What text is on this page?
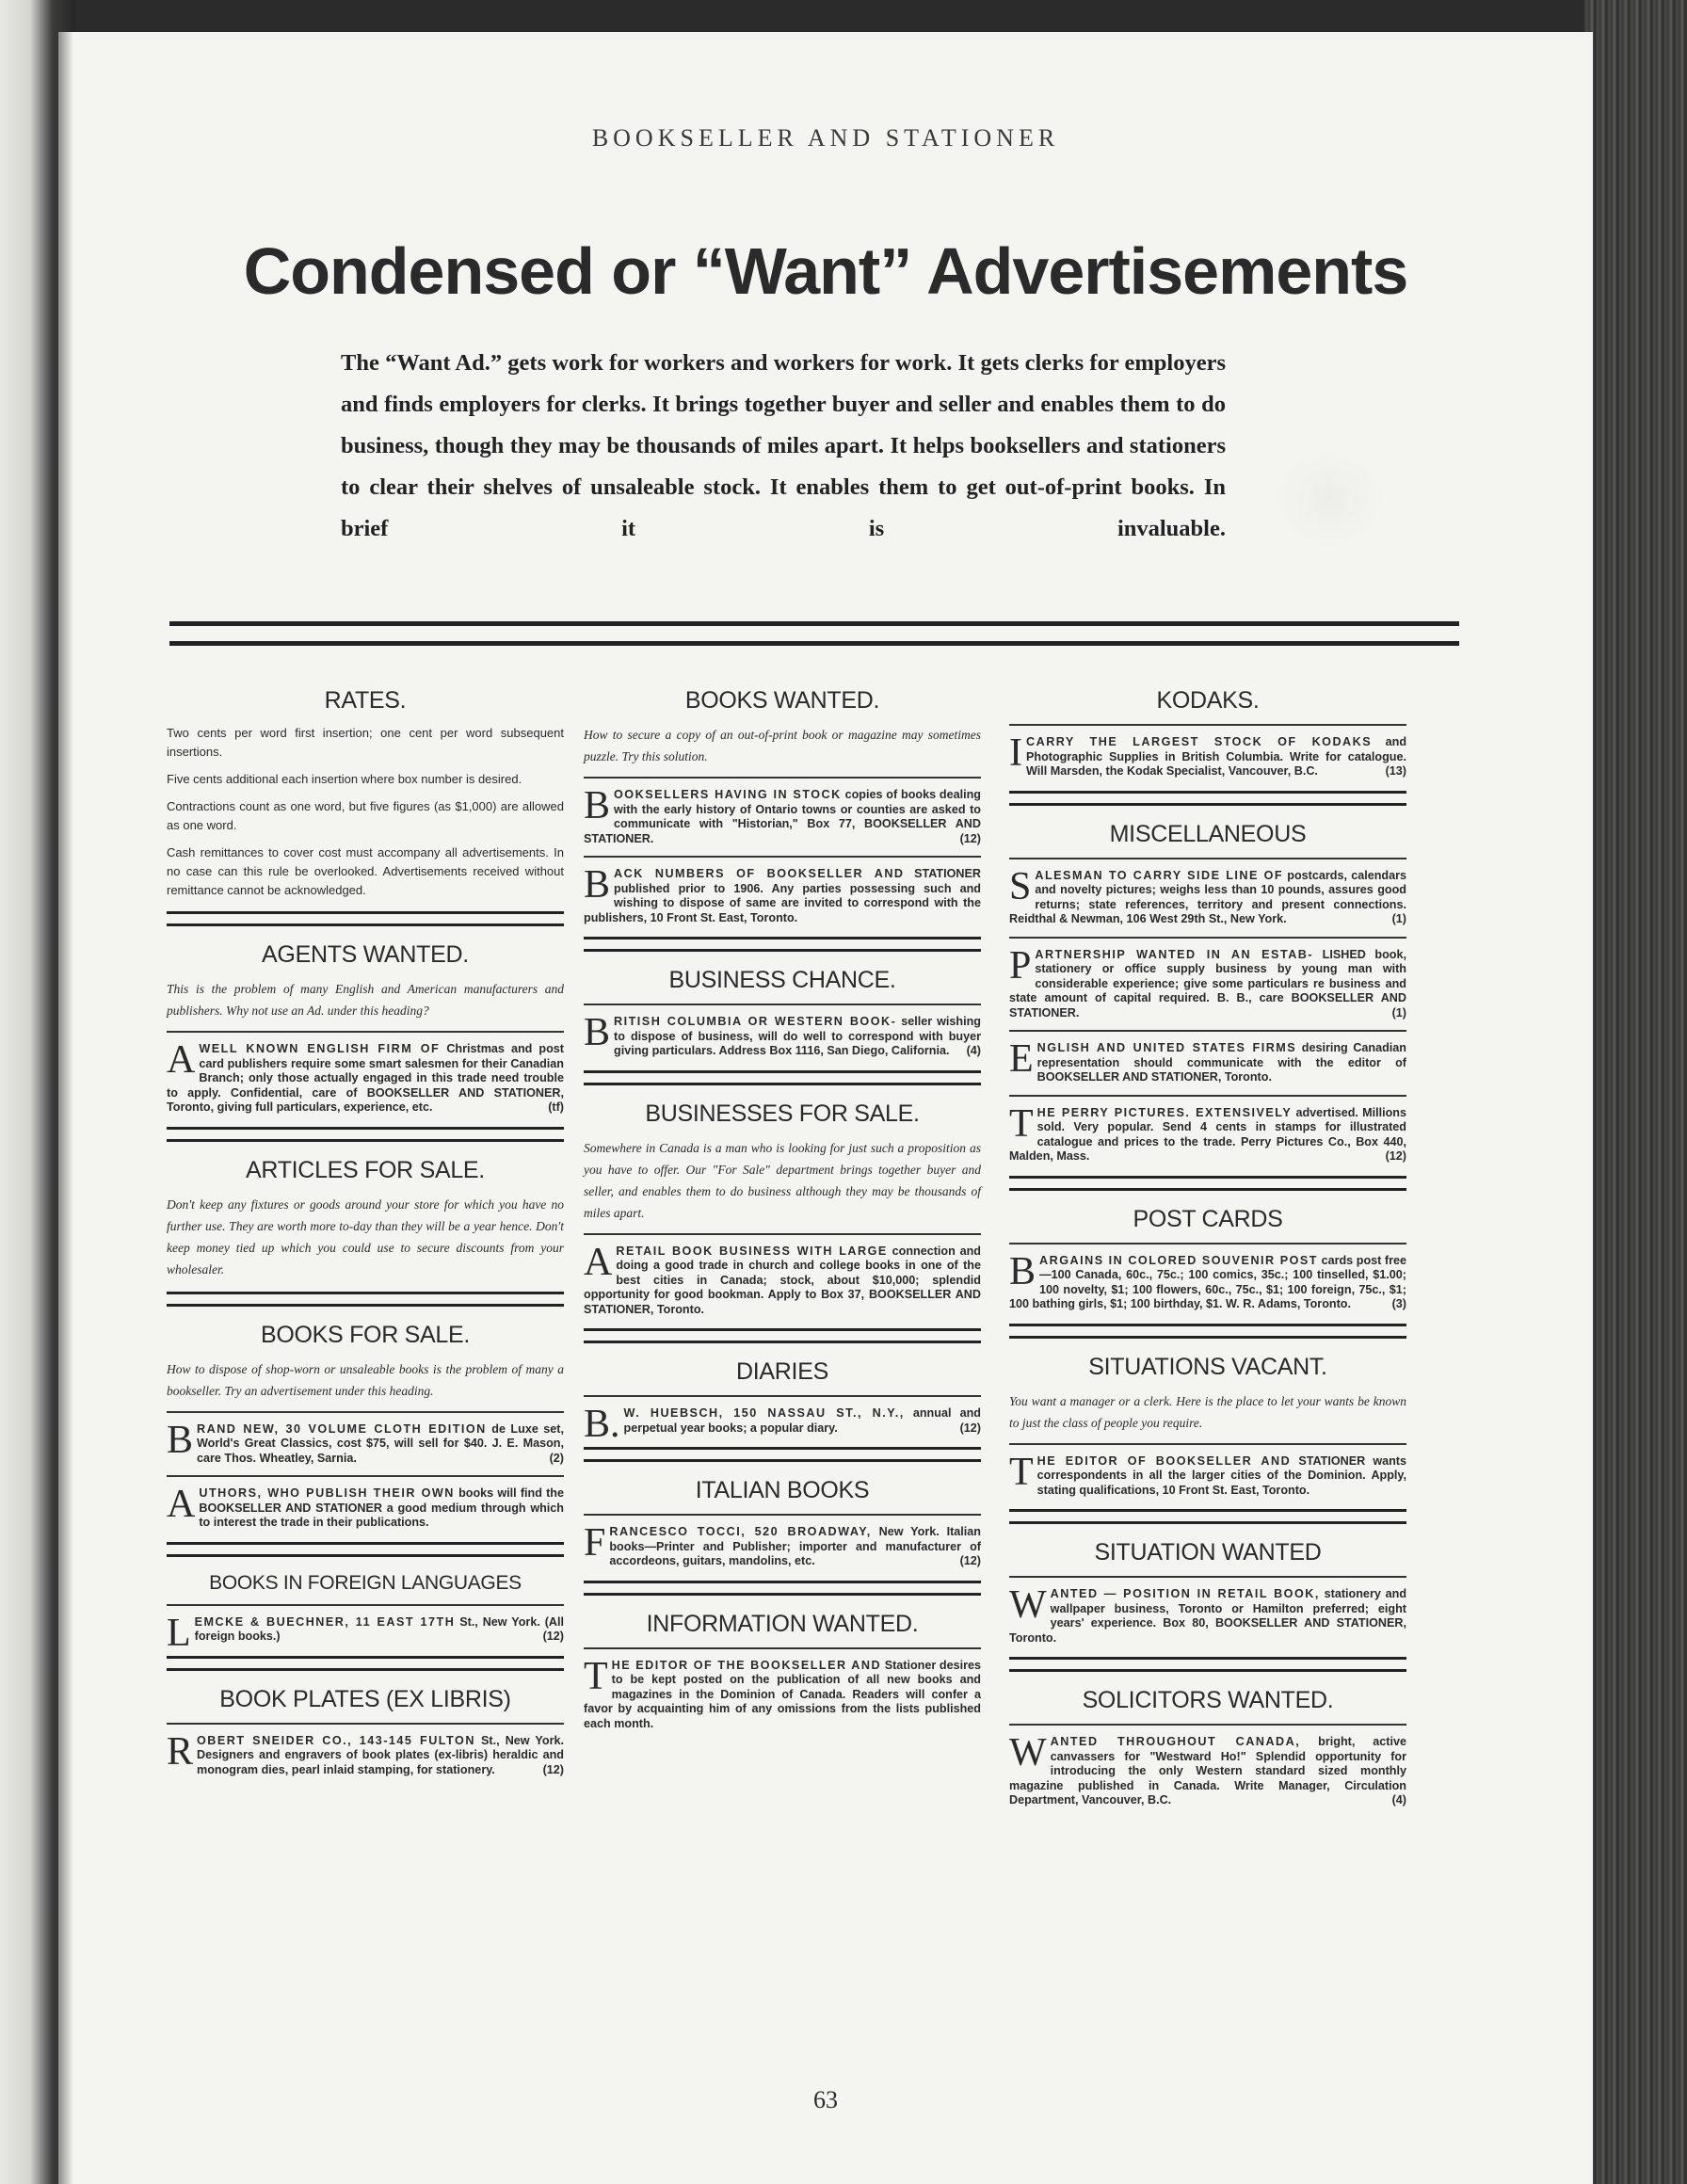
BOOKSELLER AND STATIONER
Condensed or “Want” Advertisements
The “Want Ad.” gets work for workers and workers for work. It gets clerks for employers and finds employers for clerks. It brings together buyer and seller and enables them to do business, though they may be thousands of miles apart. It helps booksellers and stationers to clear their shelves of unsaleable stock. It enables them to get out-of-print books. In brief it is invaluable.
RATES.

Two cents per word first insertion; one cent per word subsequent insertions.

Five cents additional each insertion where box number is desired.

Contractions count as one word, but five figures (as $1,000) are allowed as one word.

Cash remittances to cover cost must accompany all advertisements. In no case can this rule be overlooked. Advertisements received without remittance cannot be acknowledged.

AGENTS WANTED.
This is the problem of many English and American manufacturers and publishers. Why not use an Ad. under this heading?
A WELL KNOWN ENGLISH FIRM OF Christmas and post card publishers require some smart salesmen for their Canadian Branch; only those actually engaged in this trade need trouble to apply. Confidential, care of BOOKSELLER AND STATIONER, Toronto, giving full particulars, experience, etc.	(tf)
ARTICLES FOR SALE.
Don't keep any fixtures or goods around your store for which you have no further use. They are worth more to-day than they will be a year hence. Don't keep money tied up which you could use to secure discounts from your wholesaler.
BOOKS FOR SALE.
How to dispose of shop-worn or unsaleable books is the problem of many a bookseller. Try an advertisement under this heading.
B RAND NEW, 30 VOLUME CLOTH EDITION de Luxe set, World's Great Classics, cost $75, will sell for $40. J. E. Mason, care Thos. Wheatley, Sarnia.	(2)
A UTHORS, WHO PUBLISH THEIR OWN books will find the BOOKSELLER AND STATIONER a good medium through which to interest the trade in their publications.
BOOKS IN FOREIGN LANGUAGES
L EMCKE & BUECHNER, 11 EAST 17TH St., New York. (All foreign books.)	(12)
BOOK PLATES (EX LIBRIS)
R OBERT SNEIDER CO., 143-145 FULTON St., New York. Designers and engravers of book plates (ex-libris) heraldic and monogram dies, pearl inlaid stamping, for stationery.	(12)
BOOKS WANTED.
How to secure a copy of an out-of-print book or magazine may sometimes puzzle. Try this solution.
B OOKSELLERS HAVING IN STOCK copies of books dealing with the early history of Ontario towns or counties are asked to communicate with "Historian," Box 77, BOOKSELLER AND STATIONER.	(12)
B ACK NUMBERS OF BOOKSELLER AND STATIONER published prior to 1906. Any parties possessing such and wishing to dispose of same are invited to correspond with the publishers, 10 Front St. East, Toronto.
BUSINESS CHANCE.
B RITISH COLUMBIA OR WESTERN BOOK- seller wishing to dispose of business, will do well to correspond with buyer giving particulars. Address Box 1116, San Diego, California. (4)
BUSINESSES FOR SALE.
Somewhere in Canada is a man who is looking for just such a proposition as you have to offer. Our "For Sale" department brings together buyer and seller, and enables them to do business although they may be thousands of miles apart.
A RETAIL BOOK BUSINESS WITH LARGE connection and doing a good trade in church and college books in one of the best cities in Canada; stock, about $10,000; splendid opportunity for good bookman. Apply to Box 37, BOOKSELLER AND STATIONER, Toronto.
DIARIES
B. W. HUEBSCH, 150 NASSAU ST., N.Y., annual and perpetual year books; a popular diary.	(12)
ITALIAN BOOKS
F RANCESCO TOCCI, 520 BROADWAY, New York. Italian books—Printer and Publisher; importer and manufacturer of accordeons, guitars, mandolins, etc.	(12)
INFORMATION WANTED.
T HE EDITOR OF THE BOOKSELLER AND Stationer desires to be kept posted on the publication of all new books and magazines in the Dominion of Canada. Readers will confer a favor by acquainting him of any omissions from the lists published each month.
KODAKS.
I CARRY THE LARGEST STOCK OF KODAKS and Photographic Supplies in British Columbia. Write for catalogue. Will Marsden, the Kodak Specialist, Vancouver, B.C.	(13)
MISCELLANEOUS
S ALESMAN TO CARRY SIDE LINE OF postcards, calendars and novelty pictures; weighs less than 10 pounds, assures good returns; state references, territory and present connections. Reidthal & Newman, 106 West 29th St., New York.	(1)
P ARTNERSHIP WANTED IN AN ESTAB- LISHED book, stationery or office supply business by young man with considerable experience; give some particulars re business and state amount of capital required. B. B., care BOOKSELLER AND STATIONER.	(1)
E NGLISH AND UNITED STATES FIRMS desiring Canadian representation should communicate with the editor of BOOKSELLER AND STATIONER, Toronto.
T HE PERRY PICTURES. EXTENSIVELY advertised. Millions sold. Very popular. Send 4 cents in stamps for illustrated catalogue and prices to the trade. Perry Pictures Co., Box 440, Malden, Mass.	(12)
POST CARDS
B ARGAINS IN COLORED SOUVENIR POST cards post free—100 Canada, 60c., 75c.; 100 comics, 35c.; 100 tinselled, $1.00; 100 novelty, $1; 100 flowers, 60c., 75c., $1; 100 foreign, 75c., $1; 100 bathing girls, $1; 100 birthday, $1. W. R. Adams, Toronto.	(3)
SITUATIONS VACANT.
You want a manager or a clerk. Here is the place to let your wants be known to just the class of people you require.
T HE EDITOR OF BOOKSELLER AND STATIONER wants correspondents in all the larger cities of the Dominion. Apply, stating qualifications, 10 Front St. East, Toronto.
SITUATION WANTED
W ANTED — POSITION IN RETAIL BOOK, stationery and wallpaper business, Toronto or Hamilton preferred; eight years' experience. Box 80, BOOKSELLER AND STATIONER, Toronto.
SOLICITORS WANTED.
W ANTED THROUGHOUT CANADA, bright, active canvassers for "Westward Ho!" Splendid opportunity for introducing the only Western standard sized monthly magazine published in Canada. Write Manager, Circulation Department, Vancouver, B.C.	(4)
63
